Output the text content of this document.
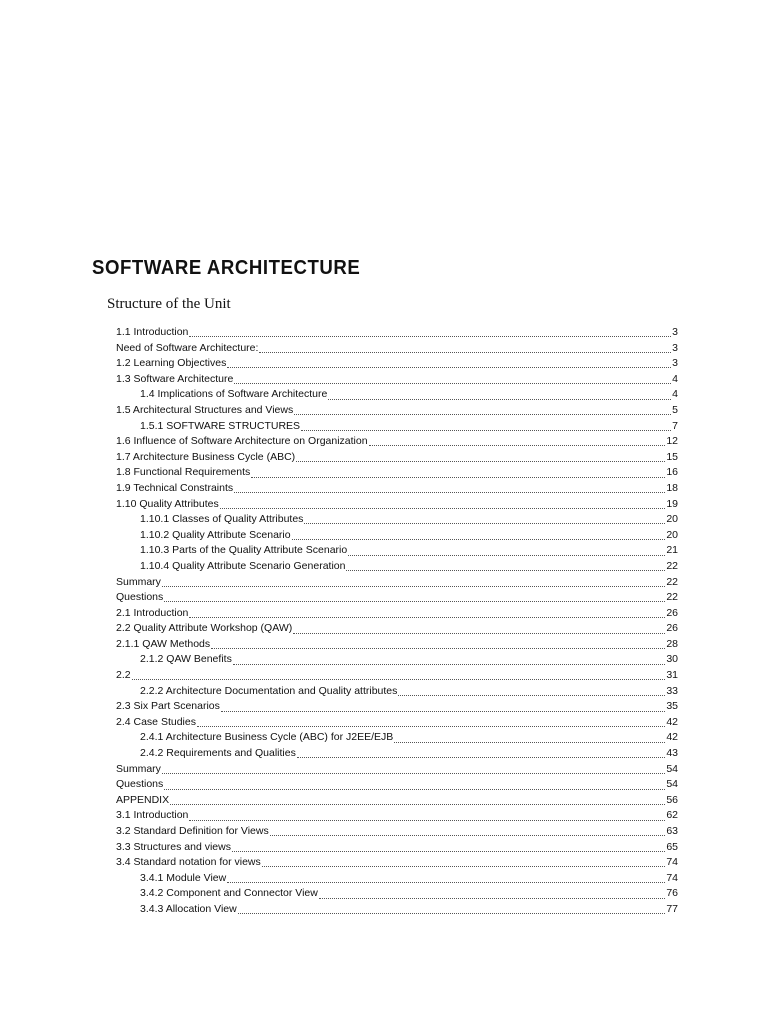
SOFTWARE ARCHITECTURE
Structure of the Unit
1.1 Introduction	3
Need of Software Architecture:	3
1.2 Learning Objectives	3
1.3 Software Architecture	4
1.4 Implications of Software Architecture	4
1.5 Architectural Structures and Views	5
1.5.1 SOFTWARE STRUCTURES	7
1.6 Influence of Software Architecture on Organization	12
1.7 Architecture Business Cycle (ABC)	15
1.8 Functional Requirements	16
1.9 Technical Constraints	18
1.10 Quality Attributes	19
1.10.1 Classes of Quality Attributes	20
1.10.2 Quality Attribute Scenario	20
1.10.3 Parts of the Quality Attribute Scenario	21
1.10.4 Quality Attribute Scenario Generation	22
Summary	22
Questions	22
2.1 Introduction	26
2.2 Quality Attribute Workshop (QAW)	26
2.1.1 QAW Methods	28
2.1.2 QAW Benefits	30
2.2	31
2.2.2 Architecture Documentation and Quality attributes	33
2.3 Six Part Scenarios	35
2.4 Case Studies	42
2.4.1 Architecture Business Cycle (ABC) for J2EE/EJB	42
2.4.2 Requirements and Qualities	43
Summary	54
Questions	54
APPENDIX	56
3.1 Introduction	62
3.2 Standard Definition for Views	63
3.3 Structures and views	65
3.4 Standard notation for views	74
3.4.1 Module View	74
3.4.2 Component and Connector View	76
3.4.3 Allocation View	77
